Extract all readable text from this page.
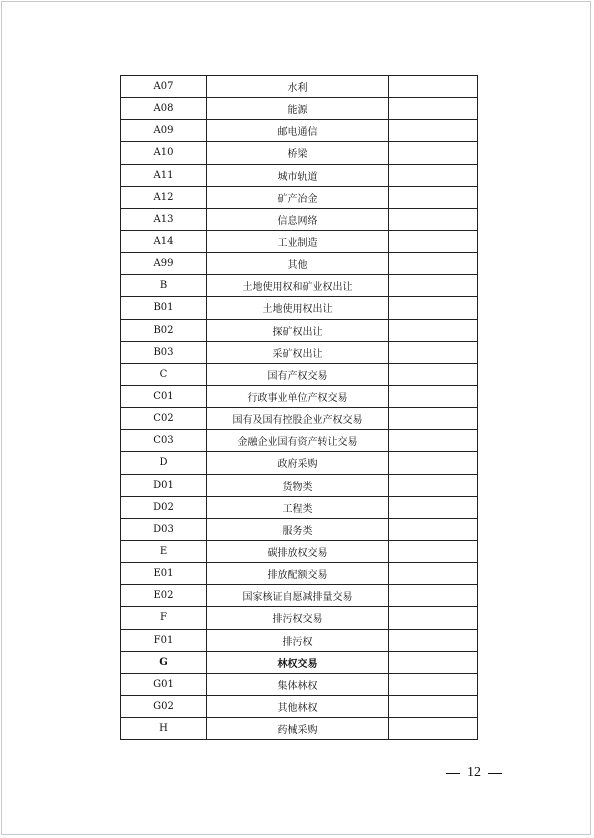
A07	水利	
A08	能源	
A09	邮电通信	
A10	桥梁	
A11	城市轨道	
A12	矿产冶金	
A13	信息网络	
A14	工业制造	
A99	其他	
B	土地使用权和矿业权出让	
B01	土地使用权出让	
B02	探矿权出让	
B03	采矿权出让	
C	国有产权交易	
C01	行政事业单位产权交易	
C02	国有及国有控股企业产权交易	
C03	金融企业国有资产转让交易	
D	政府采购	
D01	货物类	
D02	工程类	
D03	服务类	
E	碳排放权交易	
E01	排放配额交易	
E02	国家核证自愿减排量交易	
F	排污权交易	
F01	排污权	
G	林权交易	
G01	集体林权	
G02	其他林权	
H	药械采购	
12
